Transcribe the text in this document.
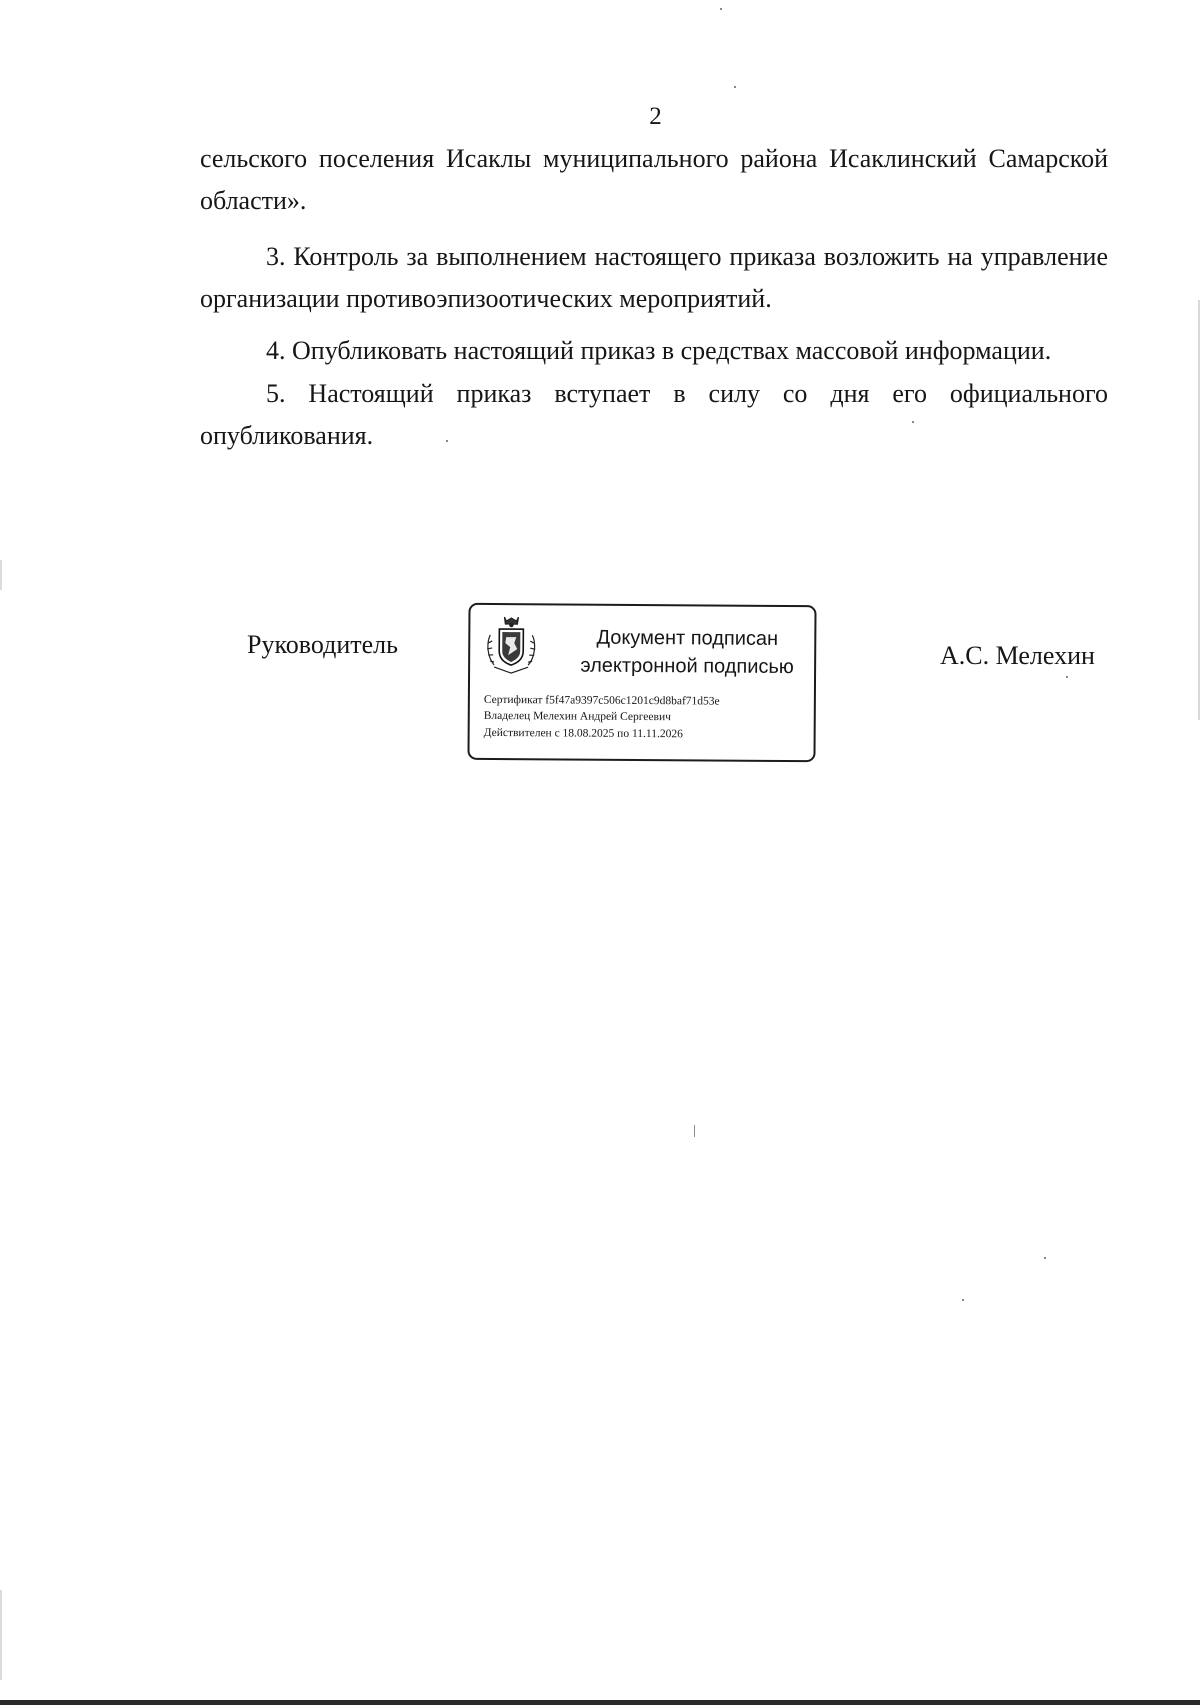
2

сельского поселения Исаклы муниципального района Исаклинский Самарской области».

3. Контроль за выполнением настоящего приказа возложить на управление организации противоэпизоотических мероприятий.

4. Опубликовать настоящий приказ в средствах массовой информации.

5. Настоящий приказ вступает в силу со дня его официального опубликования.

Руководитель	Документ подписан
электронной подписью
Сертификат f5f47a9397c506c1201c9d8baf71d53e
Владелец Мелехин Андрей Сергеевич
Действителен с 18.08.2025 по 11.11.2026
А.С. Мелехин
